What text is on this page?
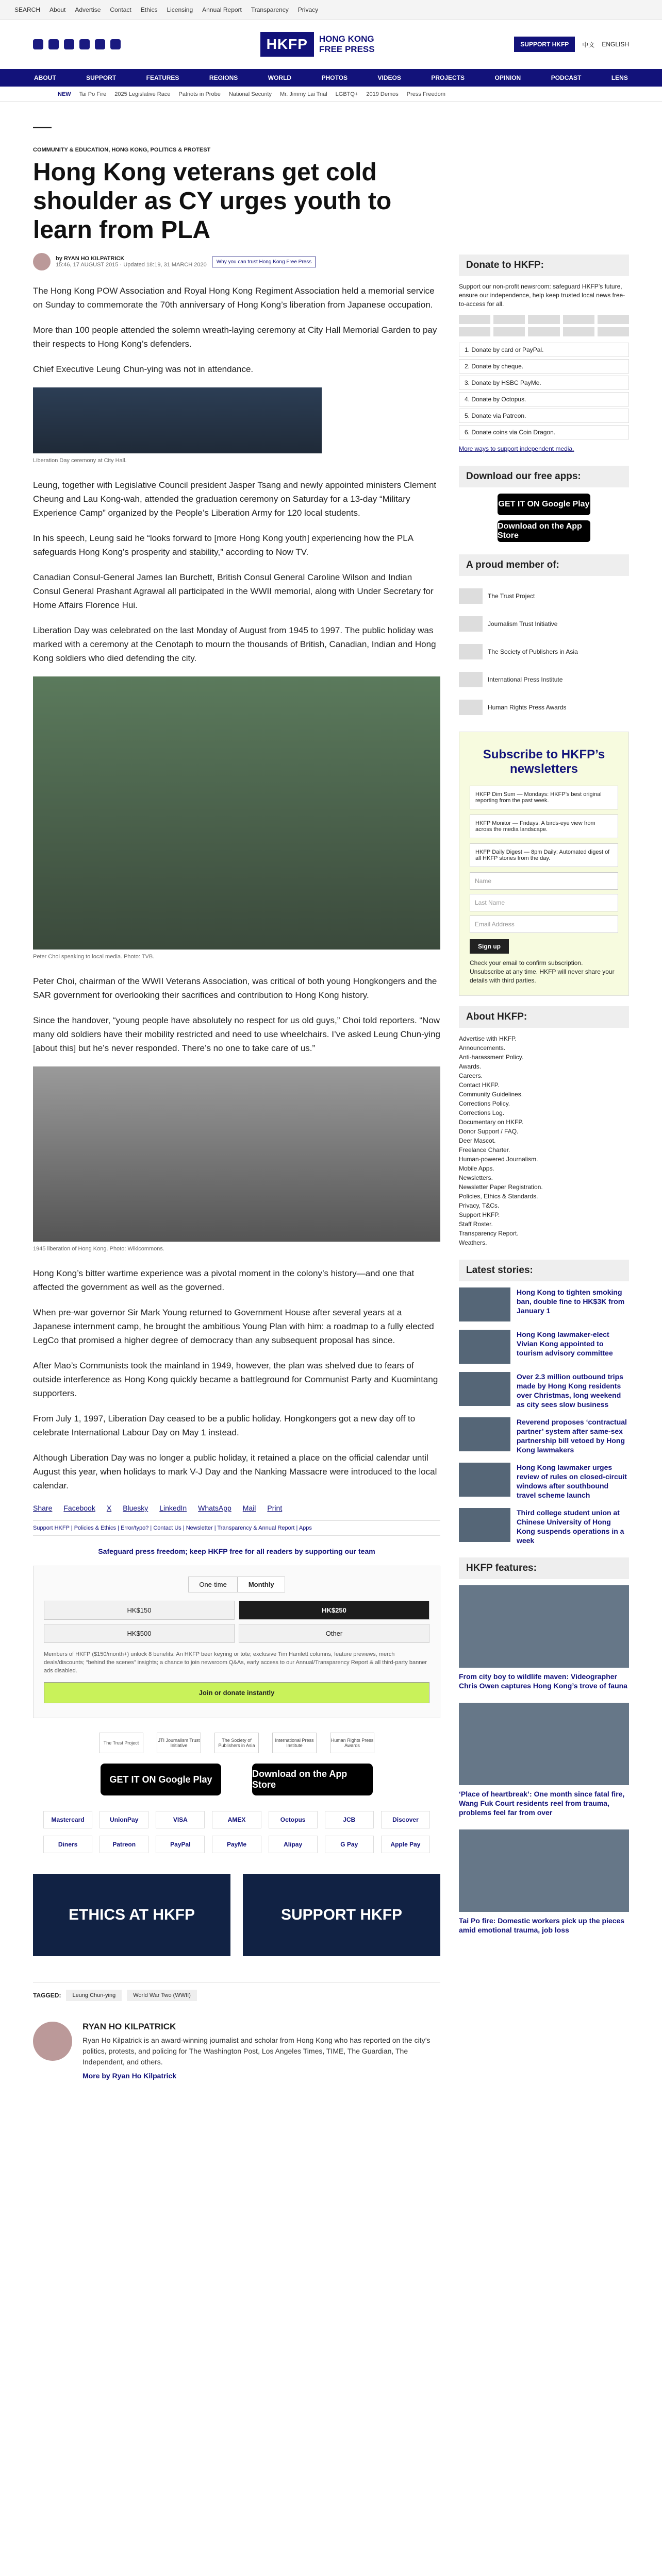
SEARCH About Advertise Contact Ethics Licensing Annual Report Transparency Privacy
HKFP	HONG KONG
FREE PRESS	SUPPORT HKFP	中文 ENGLISH
ABOUT	SUPPORT	FEATURES	REGIONS	WORLD	PHOTOS	VIDEOS	PROJECTS	OPINION	PODCAST	LENS
NEW Tai Po Fire 2025 Legislative Race Patriots in Probe National Security Mr. Jimmy Lai Trial LGBTQ+ 2019 Demos Press Freedom
COMMUNITY & EDUCATION, HONG KONG, POLITICS & PROTEST
Hong Kong veterans get cold shoulder as CY urges youth to learn from PLA
by RYAN HO KILPATRICK
15:46, 17 AUGUST 2015 · Updated 18:19, 31 MARCH 2020	Why you can trust Hong Kong Free Press

The Hong Kong POW Association and Royal Hong Kong Regiment Association held a memorial service on Sunday to commemorate the 70th anniversary of Hong Kong’s liberation from Japanese occupation.

More than 100 people attended the solemn wreath-laying ceremony at City Hall Memorial Garden to pay their respects to Hong Kong’s defenders.

Chief Executive Leung Chun-ying was not in attendance.

Liberation Day ceremony at City Hall.

Leung, together with Legislative Council president Jasper Tsang and newly appointed ministers Clement Cheung and Lau Kong-wah, attended the graduation ceremony on Saturday for a 13-day “Military Experience Camp” organized by the People’s Liberation Army for 120 local students.

In his speech, Leung said he “looks forward to [more Hong Kong youth] experiencing how the PLA safeguards Hong Kong’s prosperity and stability,” according to Now TV.

Canadian Consul-General James Ian Burchett, British Consul General Caroline Wilson and Indian Consul General Prashant Agrawal all participated in the WWII memorial, along with Under Secretary for Home Affairs Florence Hui.

Liberation Day was celebrated on the last Monday of August from 1945 to 1997. The public holiday was marked with a ceremony at the Cenotaph to mourn the thousands of British, Canadian, Indian and Hong Kong soldiers who died defending the city.

Peter Choi speaking to local media. Photo: TVB.

Peter Choi, chairman of the WWII Veterans Association, was critical of both young Hongkongers and the SAR government for overlooking their sacrifices and contribution to Hong Kong history.

Since the handover, “young people have absolutely no respect for us old guys,” Choi told reporters. “Now many old soldiers have their mobility restricted and need to use wheelchairs. I’ve asked Leung Chun-ying [about this] but he’s never responded. There’s no one to take care of us.”

1945 liberation of Hong Kong. Photo: Wikicommons.

Hong Kong’s bitter wartime experience was a pivotal moment in the colony’s history—and one that affected the government as well as the governed.

When pre-war governor Sir Mark Young returned to Government House after several years at a Japanese internment camp, he brought the ambitious Young Plan with him: a roadmap to a fully elected LegCo that promised a higher degree of democracy than any subsequent proposal has since.

After Mao’s Communists took the mainland in 1949, however, the plan was shelved due to fears of outside interference as Hong Kong quickly became a battleground for Communist Party and Kuomintang supporters.

From July 1, 1997, Liberation Day ceased to be a public holiday. Hongkongers got a new day off to celebrate International Labour Day on May 1 instead.

Although Liberation Day was no longer a public holiday, it retained a place on the official calendar until August this year, when holidays to mark V-J Day and the Nanking Massacre were introduced to the local calendar.

Share Facebook X Bluesky LinkedIn WhatsApp Mail Print
Support HKFP | Policies & Ethics | Error/typo? | Contact Us | Newsletter | Transparency & Annual Report | Apps
Safeguard press freedom; keep HKFP free for all readers by supporting our team
One-time	Monthly
HK$150	HK$250
HK$500	Other
Members of HKFP ($150/month+) unlock 8 benefits: An HKFP beer keyring or tote; exclusive Tim Hamlett columns, feature previews, merch deals/discounts; “behind the scenes” insights; a chance to join newsroom Q&As, early access to our Annual/Transparency Report & all third-party banner ads disabled.
Join or donate instantly
The Trust Project	JTI Journalism Trust Initiative
The Society of Publishers in Asia
International Press Institute
Human Rights Press Awards
GET IT ON Google Play
Download on the App Store
Mastercard	UnionPay	VISA	AMEX	Octopus	JCB	Discover
Diners	Patreon	PayPal	PayMe	Alipay	G Pay	Apple Pay
ETHICS AT HKFP	SUPPORT HKFP
TAGGED:	Leung Chun-ying	World War Two (WWII)
RYAN HO KILPATRICK

Ryan Ho Kilpatrick is an award-winning journalist and scholar from Hong Kong who has reported on the city’s politics, protests, and policing for The Washington Post, Los Angeles Times, TIME, The Guardian, The Independent, and others.

More by Ryan Ho Kilpatrick

Donate to HKFP:

Support our non-profit newsroom: safeguard HKFP’s future, ensure our independence, help keep trusted local news free-to-access for all.

1. Donate by card or PayPal.
2. Donate by cheque.
3. Donate by HSBC PayMe.
4. Donate by Octopus.
5. Donate via Patreon.
6. Donate coins via Coin Dragon.

More ways to support independent media.

Download our free apps:
GET IT ON Google Play
Download on the App Store
A proud member of:
The Trust Project
Journalism Trust Initiative
The Society of Publishers in Asia
International Press Institute
Human Rights Press Awards
Subscribe to HKFP’s newsletters
HKFP Dim Sum — Mondays: HKFP’s best original reporting from the past week.
HKFP Monitor — Fridays: A birds-eye view from across the media landscape.
HKFP Daily Digest — 8pm Daily: Automated digest of all HKFP stories from the day.
Name
Last Name
Email Address
Sign up

Check your email to confirm subscription. Unsubscribe at any time. HKFP will never share your details with third parties.

About HKFP:
Advertise with HKFP.
Announcements.
Anti-harassment Policy.
Awards.
Careers.
Contact HKFP.
Community Guidelines.
Corrections Policy.
Corrections Log.
Documentary on HKFP.
Donor Support / FAQ.
Deer Mascot.
Freelance Charter.
Human-powered Journalism.
Mobile Apps.
Newsletters.
Newsletter Paper Registration.
Policies, Ethics & Standards.
Privacy, T&Cs.
Support HKFP.
Staff Roster.
Transparency Report.
Weathers.
Latest stories:
Hong Kong to tighten smoking ban, double fine to HK$3K from January 1
Hong Kong lawmaker-elect Vivian Kong appointed to tourism advisory committee
Over 2.3 million outbound trips made by Hong Kong residents over Christmas, long weekend as city sees slow business
Reverend proposes ‘contractual partner’ system after same-sex partnership bill vetoed by Hong Kong lawmakers
Hong Kong lawmaker urges review of rules on closed-circuit windows after southbound travel scheme launch
Third college student union at Chinese University of Hong Kong suspends operations in a week
HKFP features:
From city boy to wildlife maven: Videographer Chris Owen captures Hong Kong’s trove of fauna
‘Place of heartbreak’: One month since fatal fire, Wang Fuk Court residents reel from trauma, problems feel far from over
Tai Po fire: Domestic workers pick up the pieces amid emotional trauma, job loss
